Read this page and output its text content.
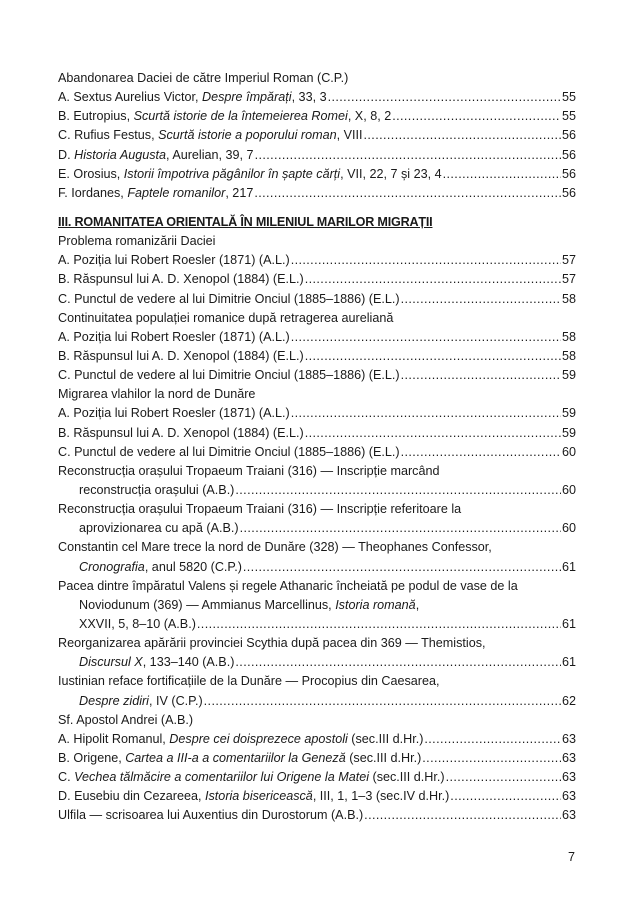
Abandonarea Daciei de către Imperiul Roman (C.P.)
A. Sextus Aurelius Victor, Despre împărați, 33, 3 . . .	55
B. Eutropius, Scurtă istorie de la întemeierea Romei, X, 8, 2 . . .	55
C. Rufius Festus, Scurtă istorie a poporului roman, VIII . . .	56
D. Historia Augusta, Aurelian, 39, 7 . . .	56
E. Orosius, Istorii împotriva păgânilor în șapte cărți, VII, 22, 7 și 23, 4 . . .	56
F. Iordanes, Faptele romanilor, 217 . . .	56
III. ROMANITATEA ORIENTALĂ ÎN MILENIUL MARILOR MIGRAȚII
Problema romanizării Daciei
A. Poziția lui Robert Roesler (1871) (A.L.) . . .	57
B. Răspunsul lui A. D. Xenopol (1884) (E.L.) . . .	57
C. Punctul de vedere al lui Dimitrie Onciul (1885–1886) (E.L.) . . .	58
Continuitatea populației romanice după retragerea aureliană
A. Poziția lui Robert Roesler (1871) (A.L.) . . .	58
B. Răspunsul lui A. D. Xenopol (1884) (E.L.) . . .	58
C. Punctul de vedere al lui Dimitrie Onciul (1885–1886) (E.L.) . . .	59
Migrarea vlahilor la nord de Dunăre
A. Poziția lui Robert Roesler (1871) (A.L.) . . .	59
B. Răspunsul lui A. D. Xenopol (1884) (E.L.) . . .	59
C. Punctul de vedere al lui Dimitrie Onciul (1885–1886) (E.L.) . . .	60
Reconstrucția orașului Tropaeum Traiani (316) — Inscripție marcând
reconstrucția orașului (A.B.) . . .	60
Reconstrucția orașului Tropaeum Traiani (316) — Inscripție referitoare la
aprovizionarea cu apă (A.B.) . . .	60
Constantin cel Mare trece la nord de Dunăre (328) — Theophanes Confessor,
Cronografia, anul 5820 (C.P.) . . .	61
Pacea dintre împăratul Valens și regele Athanaric încheiată pe podul de vase de la
Noviodunum (369) — Ammianus Marcellinus, Istoria romană,
XXVII, 5, 8–10 (A.B.) . . .	61
Reorganizarea apărării provinciei Scythia după pacea din 369 — Themistios,
Discursul X, 133–140 (A.B.) . . .	61
Iustinian reface fortificațiile de la Dunăre — Procopius din Caesarea,
Despre zidiri, IV (C.P.) . . .	62
Sf. Apostol Andrei (A.B.)
A. Hipolit Romanul, Despre cei doisprezece apostoli (sec.III d.Hr.) . . .	63
B. Origene, Cartea a III-a a comentariilor la Geneză (sec.III d.Hr.) . . .	63
C. Vechea tălmăcire a comentariilor lui Origene la Matei (sec.III d.Hr.) . . .	63
D. Eusebiu din Cezareea, Istoria bisericească, III, 1, 1–3 (sec.IV d.Hr.) . . .	63
Ulfila — scrisoarea lui Auxentius din Durostorum (A.B.) . . .	63
7
